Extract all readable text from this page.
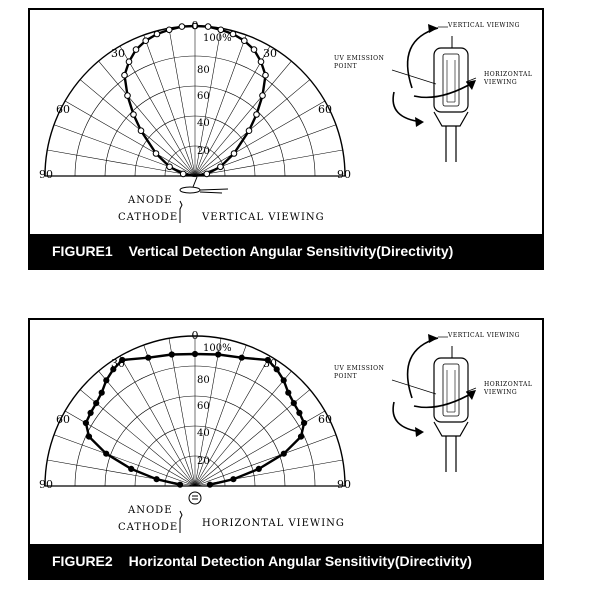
0
30	30
60	60
90	90
100%
80
60
40
20
ANODE
CATHODE VERTICAL VIEWING
VERTICAL VIEWING
UV EMISSION
POINT
HORIZONTAL
VIEWING
FIGURE1 Vertical Detection Angular Sensitivity(Directivity)
0
30	30
60	60
90	90
100%
80
60
40
20
ANODE
CATHODE HORIZONTAL VIEWING
VERTICAL VIEWING
UV EMISSION
POINT
HORIZONTAL
VIEWING
FIGURE2 Horizontal Detection Angular Sensitivity(Directivity)
